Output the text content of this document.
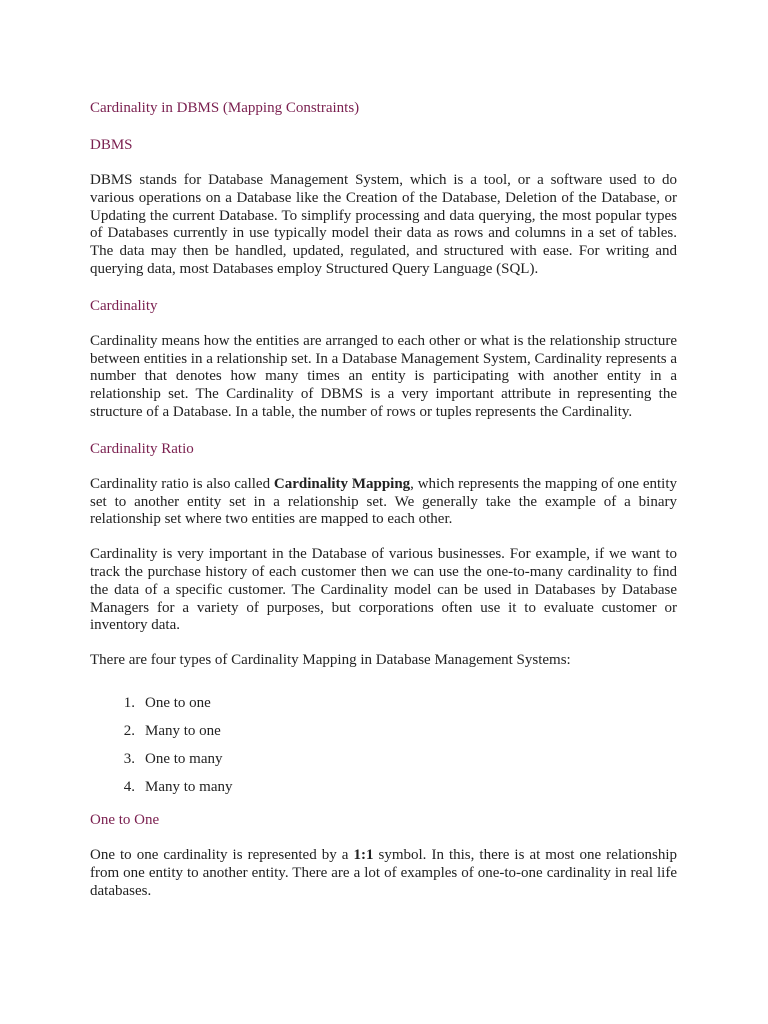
Cardinality in DBMS (Mapping Constraints)
DBMS

DBMS stands for Database Management System, which is a tool, or a software used to do various operations on a Database like the Creation of the Database, Deletion of the Database, or Updating the current Database. To simplify processing and data querying, the most popular types of Databases currently in use typically model their data as rows and columns in a set of tables. The data may then be handled, updated, regulated, and structured with ease. For writing and querying data, most Databases employ Structured Query Language (SQL).

Cardinality

Cardinality means how the entities are arranged to each other or what is the relationship structure between entities in a relationship set. In a Database Management System, Cardinality represents a number that denotes how many times an entity is participating with another entity in a relationship set. The Cardinality of DBMS is a very important attribute in representing the structure of a Database. In a table, the number of rows or tuples represents the Cardinality.

Cardinality Ratio

Cardinality ratio is also called Cardinality Mapping, which represents the mapping of one entity set to another entity set in a relationship set. We generally take the example of a binary relationship set where two entities are mapped to each other.

Cardinality is very important in the Database of various businesses. For example, if we want to track the purchase history of each customer then we can use the one-to-many cardinality to find the data of a specific customer. The Cardinality model can be used in Databases by Database Managers for a variety of purposes, but corporations often use it to evaluate customer or inventory data.

There are four types of Cardinality Mapping in Database Management Systems:

1. One to one
2. Many to one
3. One to many
4. Many to many
One to One

One to one cardinality is represented by a 1:1 symbol. In this, there is at most one relationship from one entity to another entity. There are a lot of examples of one-to-one cardinality in real life databases.
